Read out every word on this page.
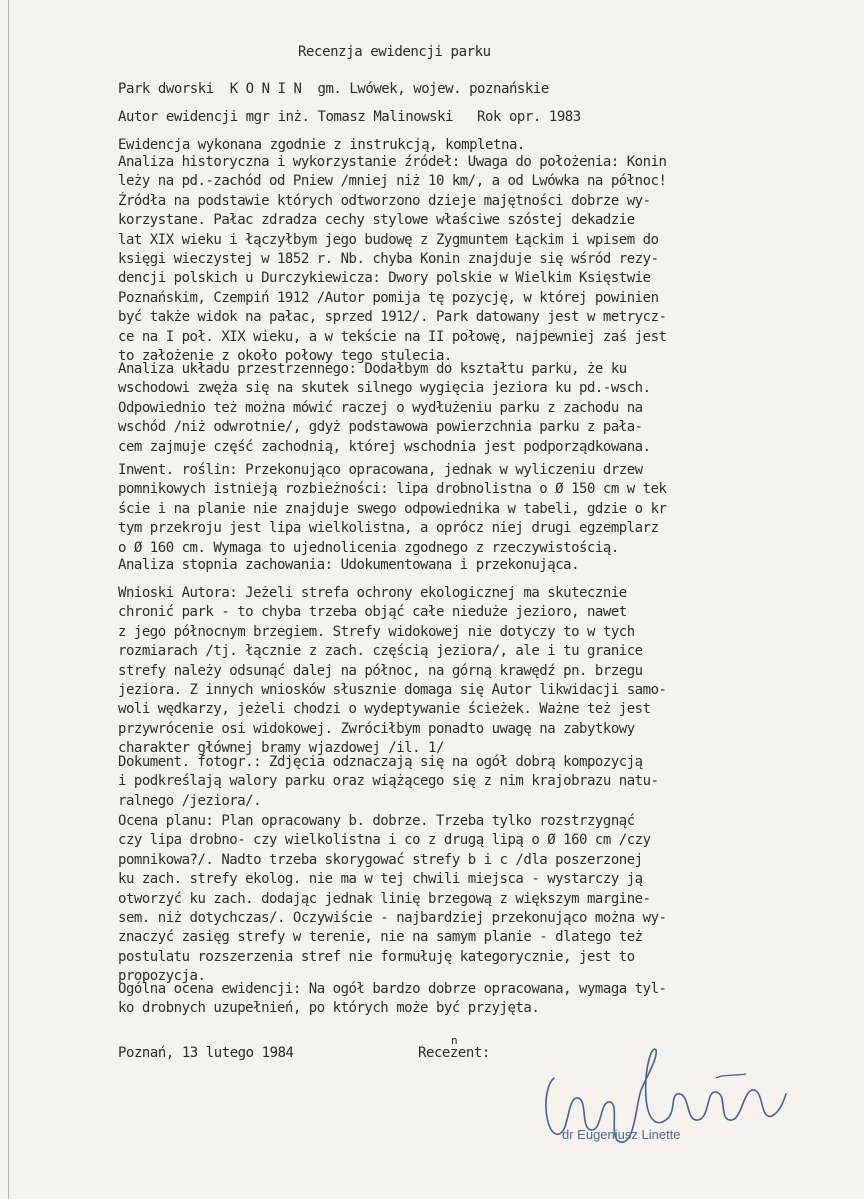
Recenzja ewidencji parku
Park dworski  K O N I N  gm. Lwówek, wojew. poznańskie
Autor ewidencji mgr inż. Tomasz Malinowski   Rok opr. 1983
Ewidencja wykonana zgodnie z instrukcją, kompletna.
Analiza historyczna i wykorzystanie źródeł: Uwaga do położenia: Konin
leży na pd.-zachód od Pniew /mniej niż 10 km/, a od Lwówka na północ!
Źródła na podstawie których odtworzono dzieje majętności dobrze wy-
korzystane. Pałac zdradza cechy stylowe właściwe szóstej dekadzie
lat XIX wieku i łączyłbym jego budowę z Zygmuntem Łąckim i wpisem do
księgi wieczystej w 1852 r. Nb. chyba Konin znajduje się wśród rezy-
dencji polskich u Durczykiewicza: Dwory polskie w Wielkim Księstwie
Poznańskim, Czempiń 1912 /Autor pomija tę pozycję, w której powinien
być także widok na pałac, sprzed 1912/. Park datowany jest w metrycz-
ce na I poł. XIX wieku, a w tekście na II połowę, najpewniej zaś jest
to założenie z około połowy tego stulecia.
Analiza układu przestrzennego: Dodałbym do kształtu parku, że ku
wschodowi zwęża się na skutek silnego wygięcia jeziora ku pd.-wsch.
Odpowiednio też można mówić raczej o wydłużeniu parku z zachodu na
wschód /niż odwrotnie/, gdyż podstawowa powierzchnia parku z pała-
cem zajmuje część zachodnią, której wschodnia jest podporządkowana.
Inwent. roślin: Przekonująco opracowana, jednak w wyliczeniu drzew
pomnikowych istnieją rozbieżności: lipa drobnolistna o Ø 150 cm w tek
ście i na planie nie znajduje swego odpowiednika w tabeli, gdzie o kr
tym przekroju jest lipa wielkolistna, a oprócz niej drugi egzemplarz
o Ø 160 cm. Wymaga to ujednolicenia zgodnego z rzeczywistością.
Analiza stopnia zachowania: Udokumentowana i przekonująca.
Wnioski Autora: Jeżeli strefa ochrony ekologicznej ma skutecznie
chronić park - to chyba trzeba objąć całe nieduże jezioro, nawet
z jego północnym brzegiem. Strefy widokowej nie dotyczy to w tych
rozmiarach /tj. łącznie z zach. częścią jeziora/, ale i tu granice
strefy należy odsunąć dalej na północ, na górną krawędź pn. brzegu
jeziora. Z innych wniosków słusznie domaga się Autor likwidacji samo-
woli wędkarzy, jeżeli chodzi o wydeptywanie ścieżek. Ważne też jest
przywrócenie osi widokowej. Zwróciłbym ponadto uwagę na zabytkowy
charakter głównej bramy wjazdowej /il. 1/
Dokument. fotogr.: Zdjęcia odznaczają się na ogół dobrą kompozycją
i podkreślają walory parku oraz wiążącego się z nim krajobrazu natu-
ralnego /jeziora/.
Ocena planu: Plan opracowany b. dobrze. Trzeba tylko rozstrzygnąć
czy lipa drobno- czy wielkolistna i co z drugą lipą o Ø 160 cm /czy
pomnikowa?/. Nadto trzeba skorygować strefy b i c /dla poszerzonej
ku zach. strefy ekolog. nie ma w tej chwili miejsca - wystarczy ją
otworzyć ku zach. dodając jednak linię brzegową z większym margine-
sem. niż dotychczas/. Oczywiście - najbardziej przekonująco można wy-
znaczyć zasięg strefy w terenie, nie na samym planie - dlatego też
postulatu rozszerzenia stref nie formułuję kategorycznie, jest to
propozycja.
Ogólna ocena ewidencji: Na ogół bardzo dobrze opracowana, wymaga tyl-
ko drobnych uzupełnień, po których może być przyjęta.
Poznań, 13 lutego 1984	Recezent:
n
dr Eugeniusz Linette
